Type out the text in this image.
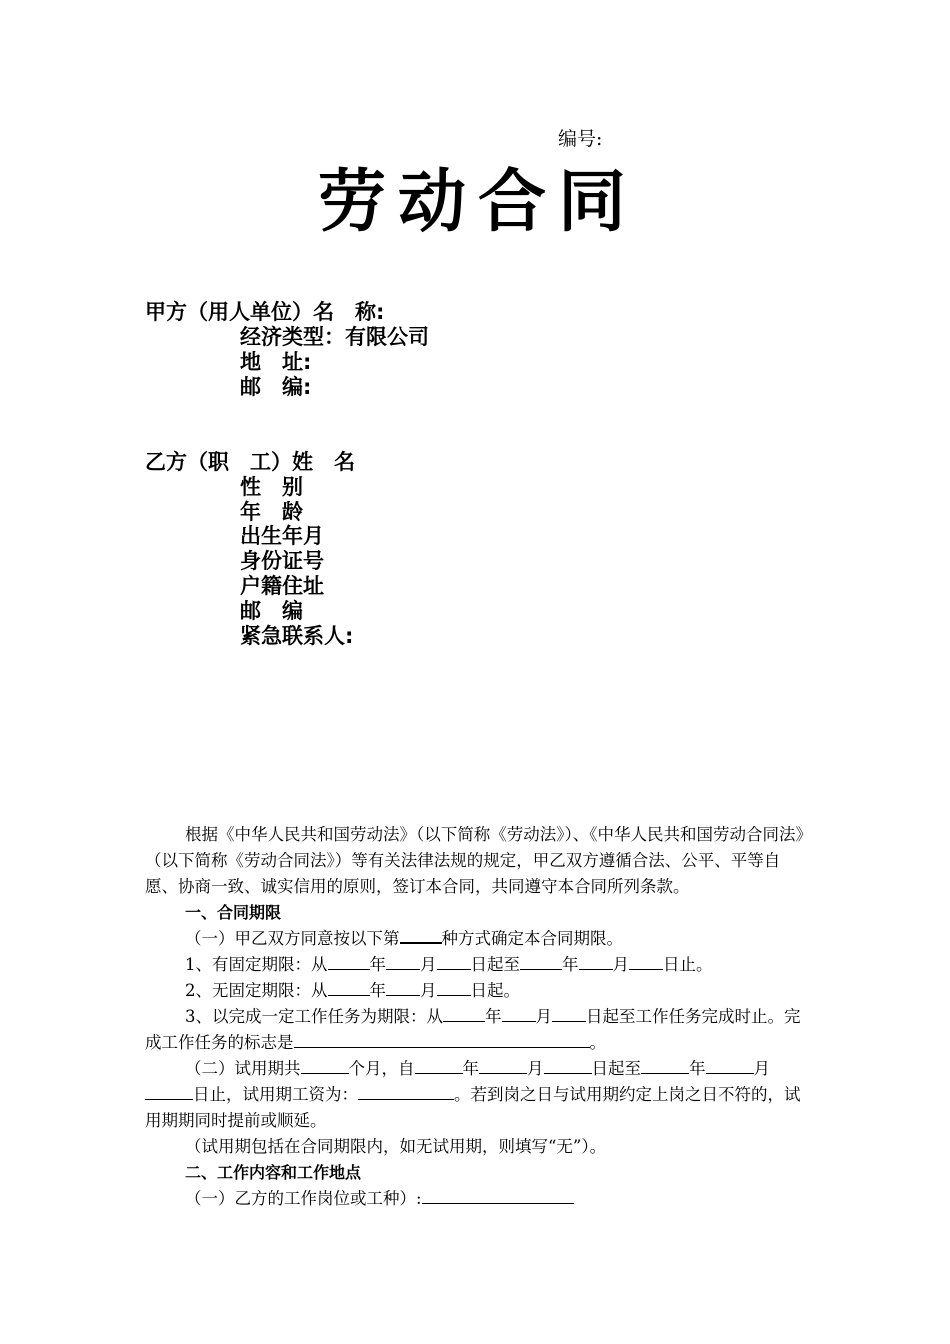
编号:
劳动合同
甲方（用人单位）名　称:
经济类型：有限公司
地　址:
邮　编:
乙方（职　工）姓　名
性　别
年　龄
出生年月
身份证号
户籍住址
邮　编
紧急联系人:

根据《中华人民共和国劳动法》（以下简称《劳动法》）、《中华人民共和国劳动合同法》（以下简称《劳动合同法》）等有关法律法规的规定，甲乙双方遵循合法、公平、平等自愿、协商一致、诚实信用的原则，签订本合同，共同遵守本合同所列条款。

一、合同期限

（一）甲乙双方同意按以下第	种方式确定本合同期限。

1、有固定期限：从	年 月 日起至	年 月 日止。

2、无固定期限：从	年 月 日起。

3、以完成一定工作任务为期限：从	年 月 日起至工作任务完成时止。完成工作任务的标志是	。

（二）试用期共	个月，自	年	月	日起至	年	月日止，试用期工资为：	。若到岗之日与试用期约定上岗之日不符的，试用期期同时提前或顺延。

（试用期包括在合同期限内，如无试用期，则填写“无”）。

二、工作内容和工作地点

（一）乙方的工作岗位或工种）:
